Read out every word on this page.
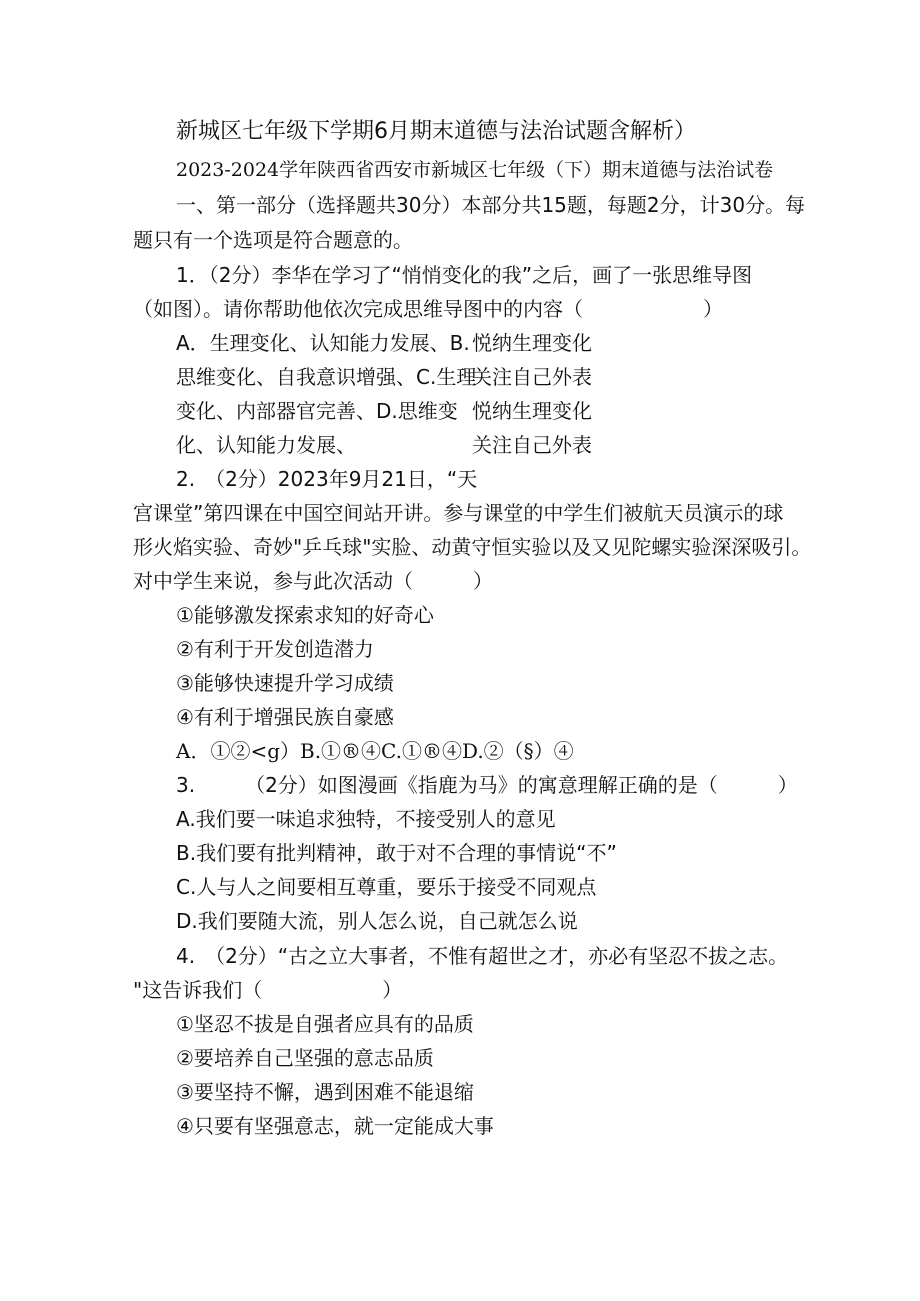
新城区七年级下学期6月期末道德与法治试题含解析）
2023-2024学年陕西省西安市新城区七年级（下）期末道德与法治试卷
一、第一部分（选择题共30分）本部分共15题，每题2分，计30分。每
题只有一个选项是符合题意的。
1．（2分）李华在学习了“悄悄变化的我”之后，画了一张思维导图
（如图）。请你帮助他依次完成思维导图中的内容（　　　　　　）
A．生理变化、认知能力发展、B.
思维变化、自我意识增强、C.生理
变化、内部器官完善、D.思维变
化、认知能力发展、
悦纳生理变化
关注自己外表
悦纳生理变化
关注自己外表
2.　（2分）2023年9月21日，“天
宫课堂”第四课在中国空间站开讲。参与课堂的中学生们被航天员演示的球
形火焰实验、奇妙"乒乓球"实脸、动黄守恒实验以及又见陀螺实验深深吸引。
对中学生来说，参与此次活动（　　　）
①能够激发探索求知的好奇心
②有利于开发创造潜力
③能够快速提升学习成绩
④有利于增强民族自豪感
A．①②<g）B.①®④C.①®④D.②（§）④
3.　　　（2分）如图漫画《指鹿为马》的寓意理解正确的是（　　　）
A.我们要一味追求独特，不接受别人的意见
B.我们要有批判精神，敢于对不合理的事情说“不”
C.人与人之间要相互尊重，要乐于接受不同观点
D.我们要随大流，别人怎么说，自己就怎么说
4.　（2分）“古之立大事者，不惟有超世之才，亦必有坚忍不拔之志。
"这告诉我们（　　　　　　）
①坚忍不拔是自强者应具有的品质
②要培养自己坚强的意志品质
③要坚持不懈，遇到困难不能退缩
④只要有坚强意志，就一定能成大事
